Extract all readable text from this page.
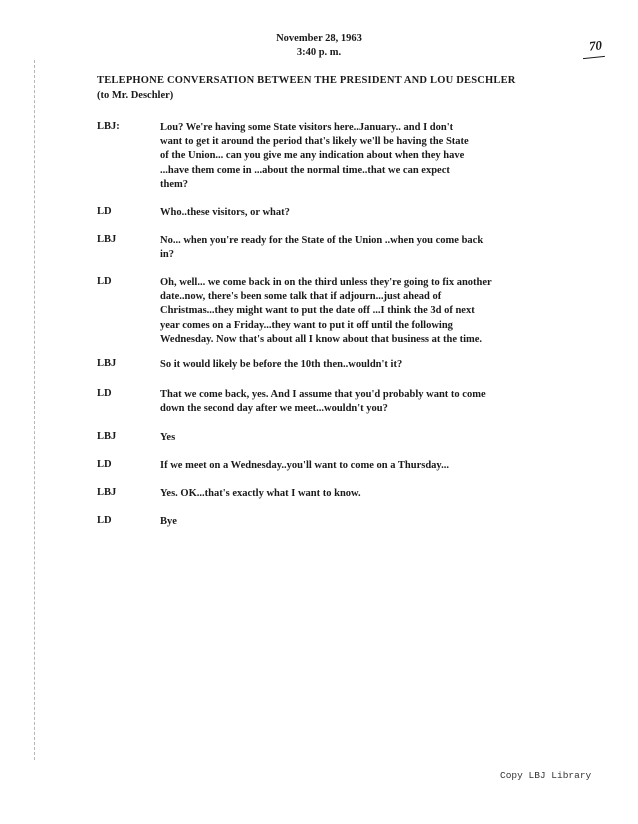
November 28, 1963
3:40 p. m.	70
TELEPHONE CONVERSATION BETWEEN THE PRESIDENT AND LOU DESCHLER
(to Mr. Deschler)
LBJ:	Lou? We're having some State visitors here..January.. and I don't
want to get it around the period that's likely we'll be having the State
of the Union... can you give me any indication about when they have
...have them come in ...about the normal time..that we can expect
them?
LD	Who..these visitors, or what?
LBJ	No... when you're ready for the State of the Union ..when you come back
in?
LD	Oh, well... we come back in on the third unless they're going to fix another
date..now, there's been some talk that if adjourn...just ahead of
Christmas...they might want to put the date off ...I think the 3d of next
year comes on a Friday...they want to put it off until the following
Wednesday. Now that's about all I know about that business at the time.
LBJ	So it would likely be before the 10th then..wouldn't it?
LD	That we come back, yes. And I assume that you'd probably want to come
down the second day after we meet...wouldn't you?
LBJ	Yes
LD	If we meet on a Wednesday..you'll want to come on a Thursday...
LBJ	Yes. OK...that's exactly what I want to know.
LD	Bye
Copy LBJ Library
